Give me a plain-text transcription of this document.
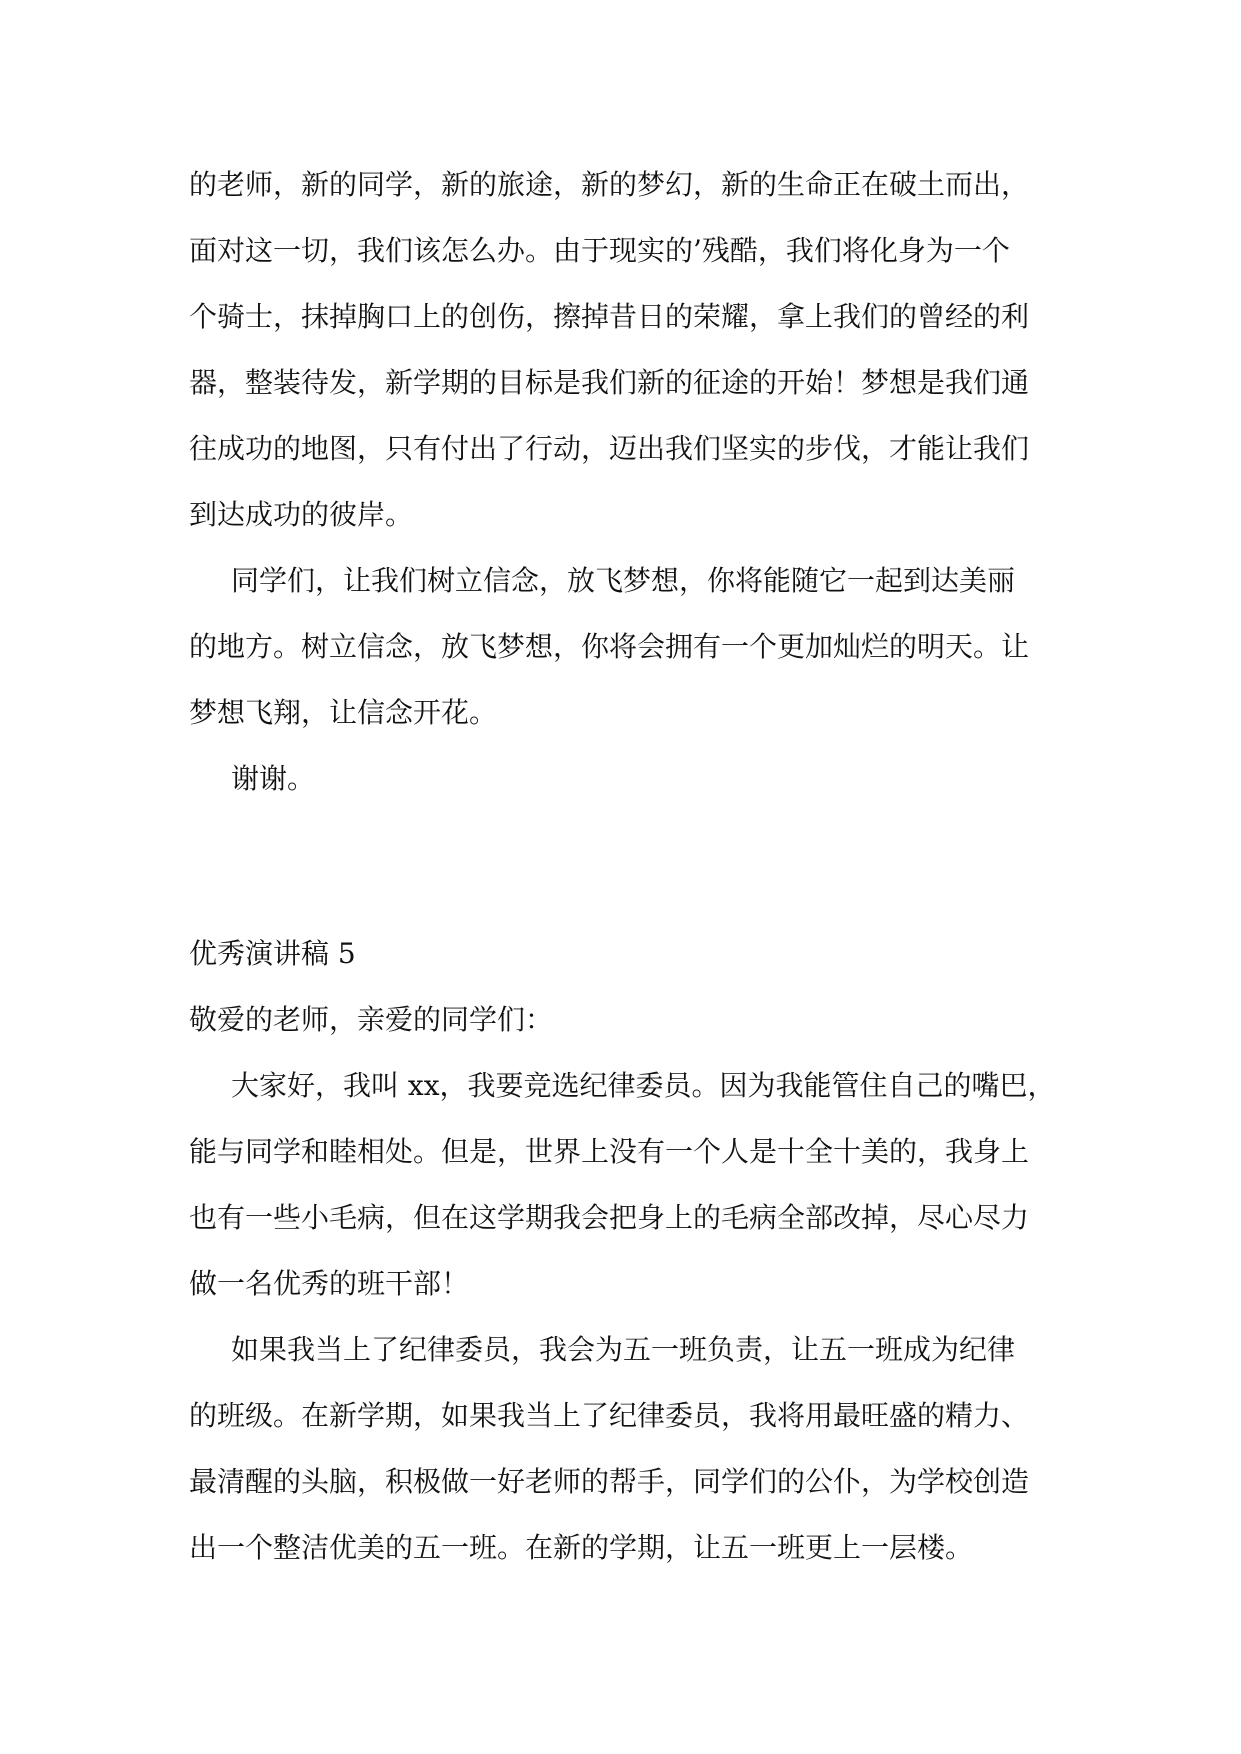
的老师，新的同学，新的旅途，新的梦幻，新的生命正在破土而出，
面对这一切，我们该怎么办。由于现实的’残酷，我们将化身为一个
个骑士，抹掉胸口上的创伤，擦掉昔日的荣耀，拿上我们的曾经的利
器，整装待发，新学期的目标是我们新的征途的开始！梦想是我们通
往成功的地图，只有付出了行动，迈出我们坚实的步伐，才能让我们
到达成功的彼岸。
同学们，让我们树立信念，放飞梦想，你将能随它一起到达美丽
的地方。树立信念，放飞梦想，你将会拥有一个更加灿烂的明天。让
梦想飞翔，让信念开花。
谢谢。
优秀演讲稿 5
敬爱的老师，亲爱的同学们：
大家好，我叫 xx，我要竞选纪律委员。因为我能管住自己的嘴巴，
能与同学和睦相处。但是，世界上没有一个人是十全十美的，我身上
也有一些小毛病，但在这学期我会把身上的毛病全部改掉，尽心尽力
做一名优秀的班干部！
如果我当上了纪律委员，我会为五一班负责，让五一班成为纪律
的班级。在新学期，如果我当上了纪律委员，我将用最旺盛的精力、
最清醒的头脑，积极做一好老师的帮手，同学们的公仆，为学校创造
出一个整洁优美的五一班。在新的学期，让五一班更上一层楼。
